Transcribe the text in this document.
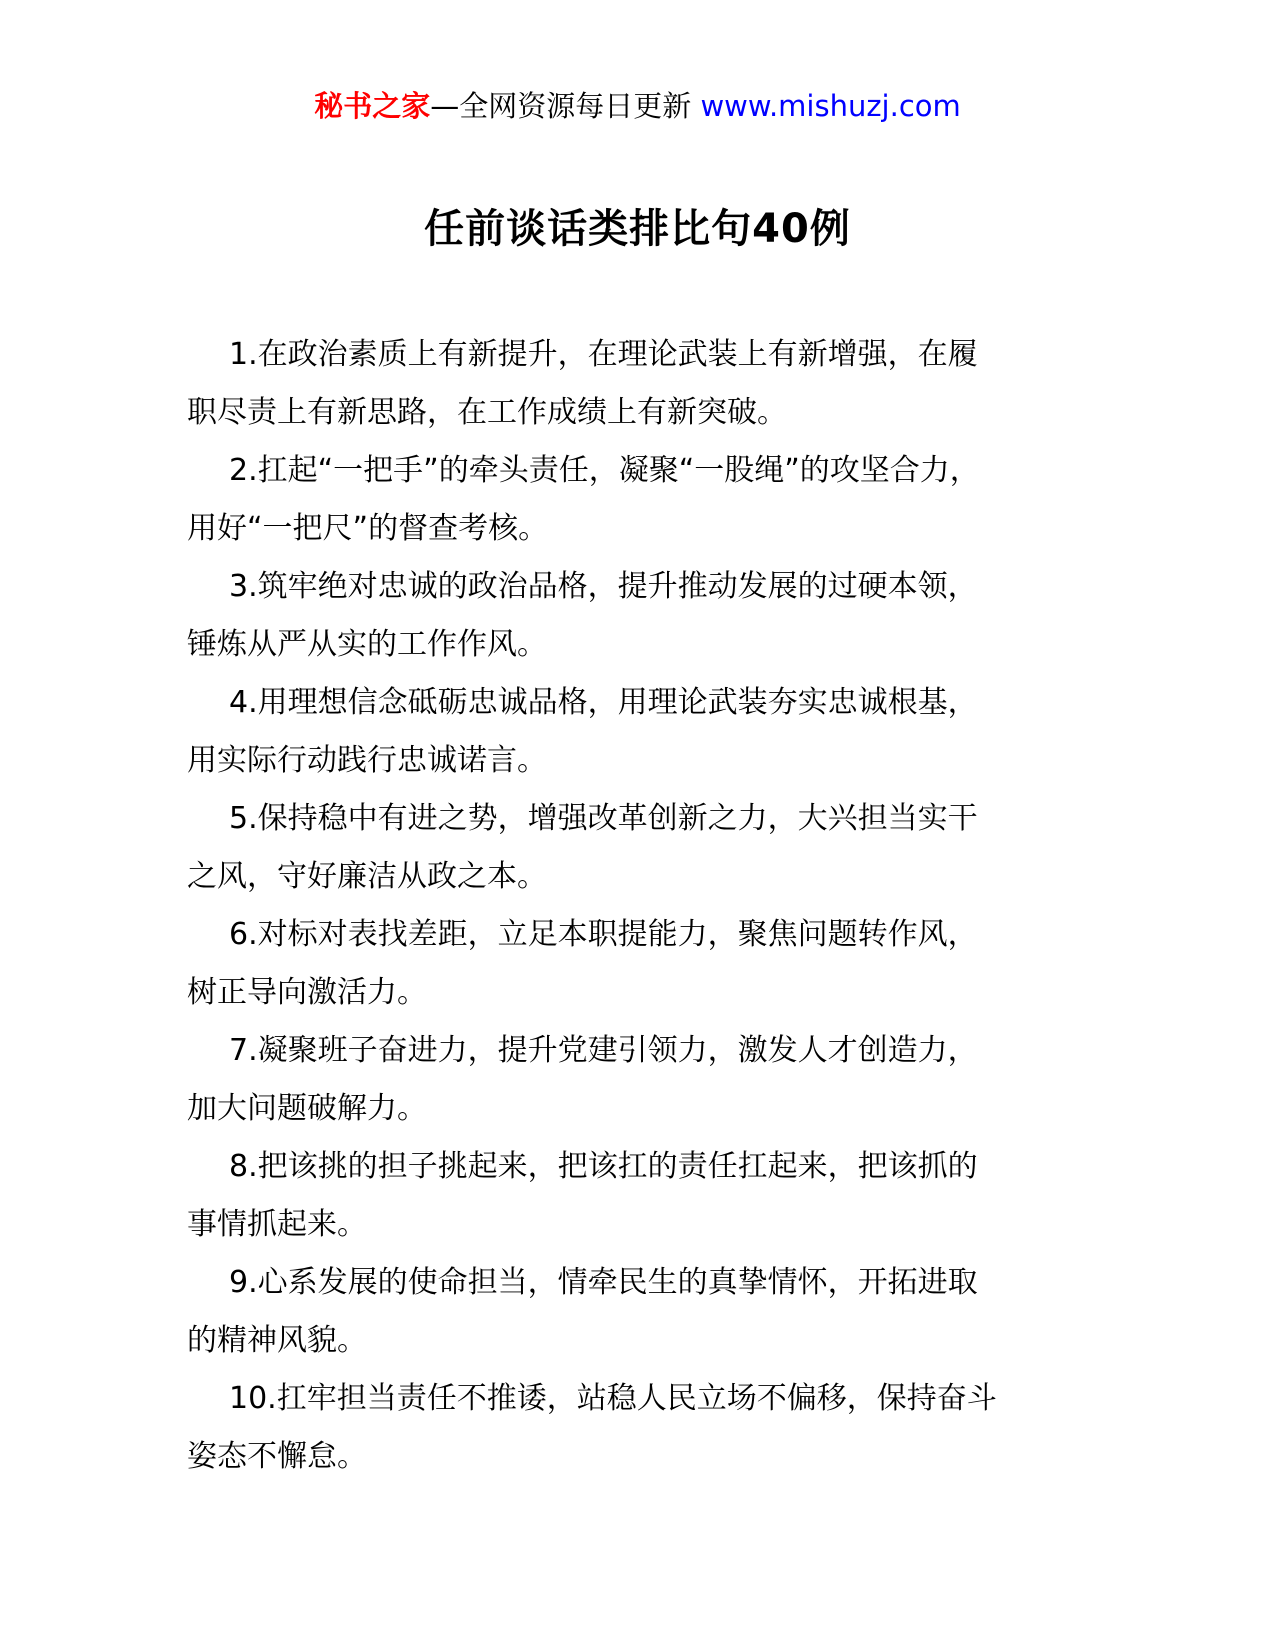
秘书之家—全网资源每日更新 www.mishuzj.com
任前谈话类排比句40例

1.在政治素质上有新提升，在理论武装上有新增强，在履
职尽责上有新思路，在工作成绩上有新突破。

2.扛起“一把手”的牵头责任，凝聚“一股绳”的攻坚合力，
用好“一把尺”的督查考核。

3.筑牢绝对忠诚的政治品格，提升推动发展的过硬本领，
锤炼从严从实的工作作风。

4.用理想信念砥砺忠诚品格，用理论武装夯实忠诚根基，
用实际行动践行忠诚诺言。

5.保持稳中有进之势，增强改革创新之力，大兴担当实干
之风，守好廉洁从政之本。

6.对标对表找差距，立足本职提能力，聚焦问题转作风，
树正导向激活力。

7.凝聚班子奋进力，提升党建引领力，激发人才创造力，
加大问题破解力。

8.把该挑的担子挑起来，把该扛的责任扛起来，把该抓的
事情抓起来。

9.心系发展的使命担当，情牵民生的真挚情怀，开拓进取
的精神风貌。

10.扛牢担当责任不推诿，站稳人民立场不偏移，保持奋斗
姿态不懈怠。
